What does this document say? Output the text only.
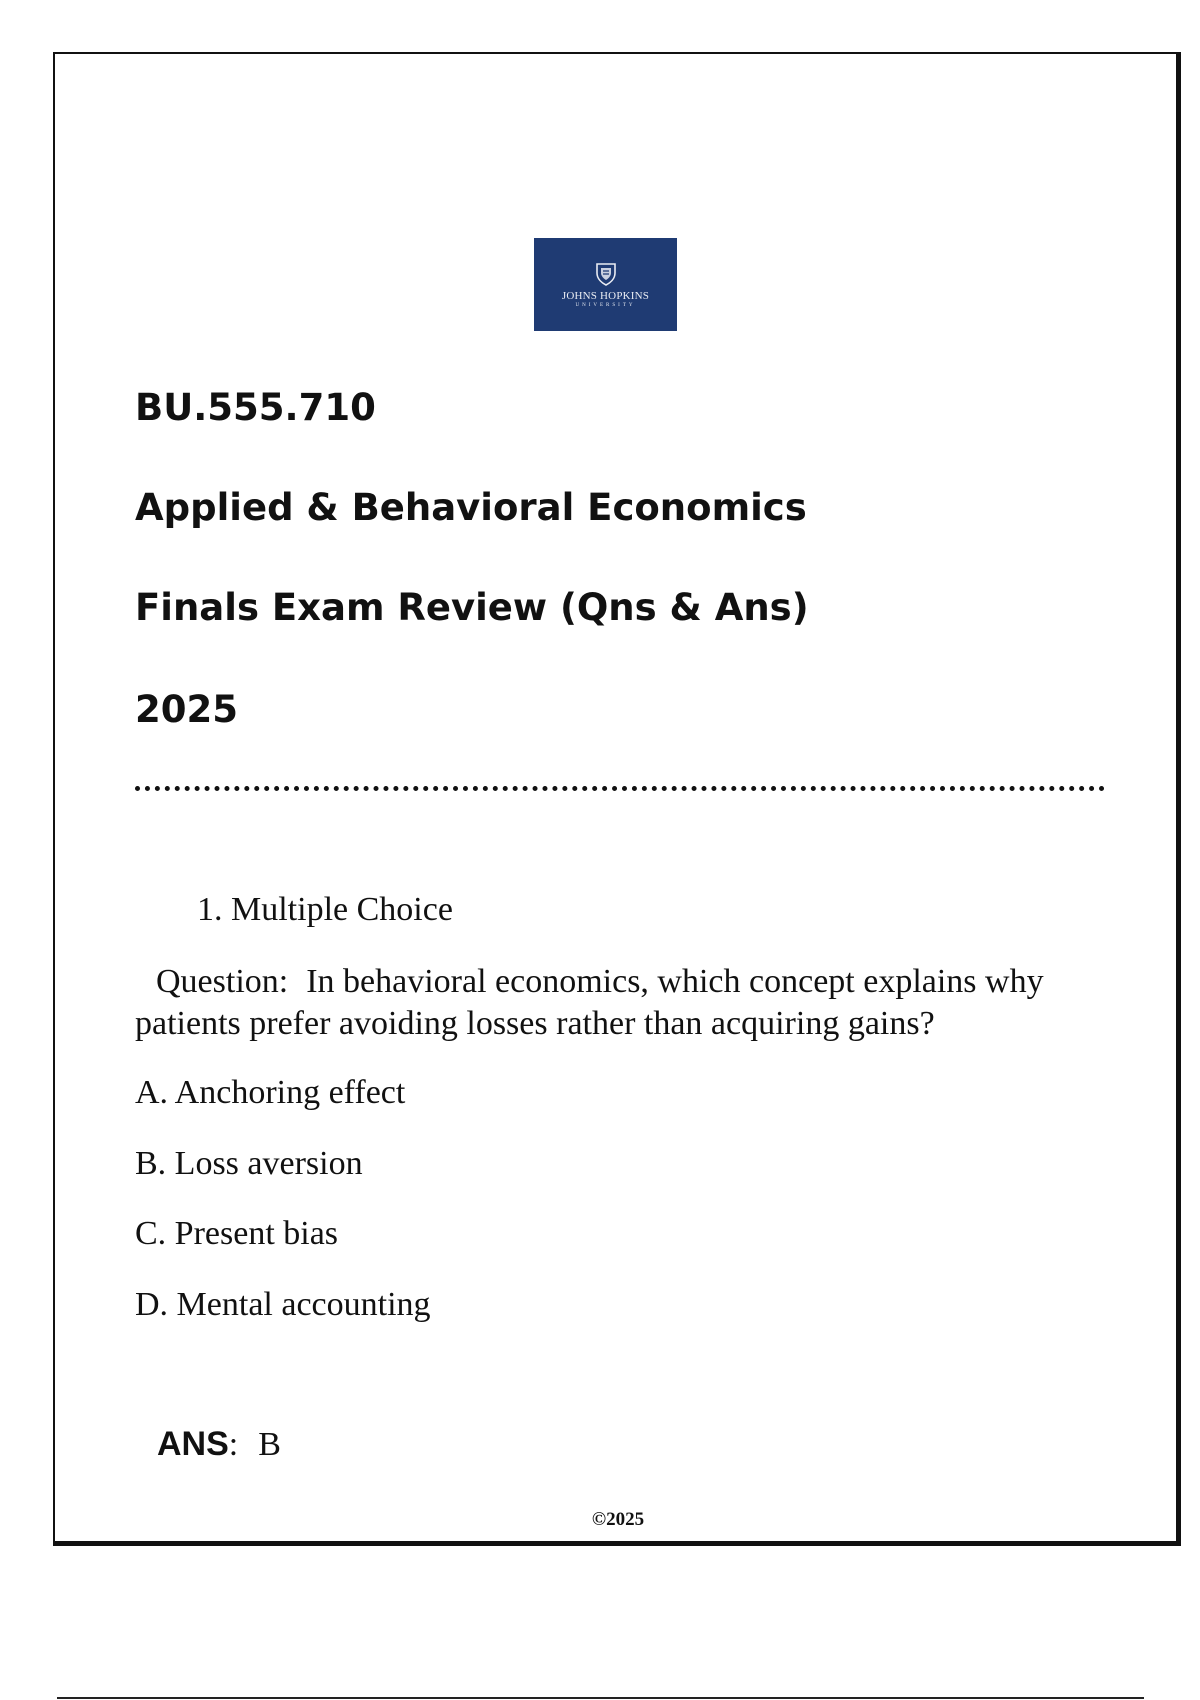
JOHNS HOPKINS
UNIVERSITY
BU.555.710
Applied & Behavioral Economics
Finals Exam Review (Qns & Ans)
2025
1. Multiple Choice
Question: In behavioral economics, which concept explains why patients prefer avoiding losses rather than acquiring gains?
A. Anchoring effect
B. Loss aversion
C. Present bias
D. Mental accounting
ANS: B
©2025
